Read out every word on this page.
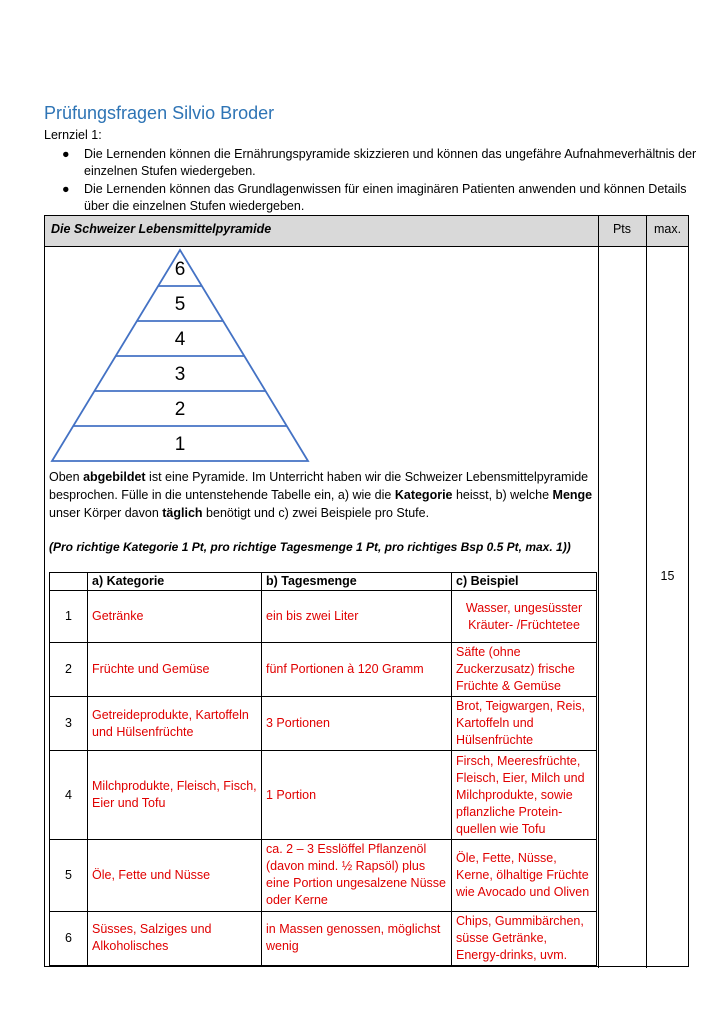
Prüfungsfragen Silvio Broder
Lernziel 1:
●	Die Lernenden können die Ernährungspyramide skizzieren und können das ungefähre Aufnahmeverhältnis der einzelnen Stufen wiedergeben.
●	Die Lernenden können das Grundlagenwissen für einen imaginären Patienten anwenden und können Details über die einzelnen Stufen wiedergeben.
Die Schweizer Lebensmittelpyramide	Pts	max.
15
6
5
4
3
2
1
Oben abgebildet ist eine Pyramide. Im Unterricht haben wir die Schweizer Lebensmittelpyramide besprochen. Fülle in die untenstehende Tabelle ein, a) wie die Kategorie heisst, b) welche Menge unser Körper davon täglich benötigt und c) zwei Beispiele pro Stufe.
(Pro richtige Kategorie 1 Pt, pro richtige Tagesmenge 1 Pt, pro richtiges Bsp 0.5 Pt, max. 1))
	a) Kategorie	b) Tagesmenge	c) Beispiel
1	Getränke	ein bis zwei Liter	Wasser, ungesüsster Kräuter- /Früchtetee
2	Früchte und Gemüse	fünf Portionen à 120 Gramm	Säfte (ohne Zuckerzusatz) frische Früchte & Gemüse
3	Getreideprodukte, Kartoffeln und Hülsenfrüchte	3 Portionen	Brot, Teigwargen, Reis, Kartoffeln und Hülsenfrüchte
4	Milchprodukte, Fleisch, Fisch, Eier und Tofu	1 Portion	Firsch, Meeresfrüchte, Fleisch, Eier, Milch und Milchprodukte, sowie pflanzliche Protein-quellen wie Tofu
5	Öle, Fette und Nüsse	ca. 2 – 3 Esslöffel Pflanzenöl (davon mind. ½ Rapsöl) plus eine Portion ungesalzene Nüsse oder Kerne	Öle, Fette, Nüsse, Kerne, ölhaltige Früchte wie Avocado und Oliven
6	Süsses, Salziges und Alkoholisches	in Massen genossen, möglichst wenig	Chips, Gummibärchen, süsse Getränke, Energy-drinks, uvm.
